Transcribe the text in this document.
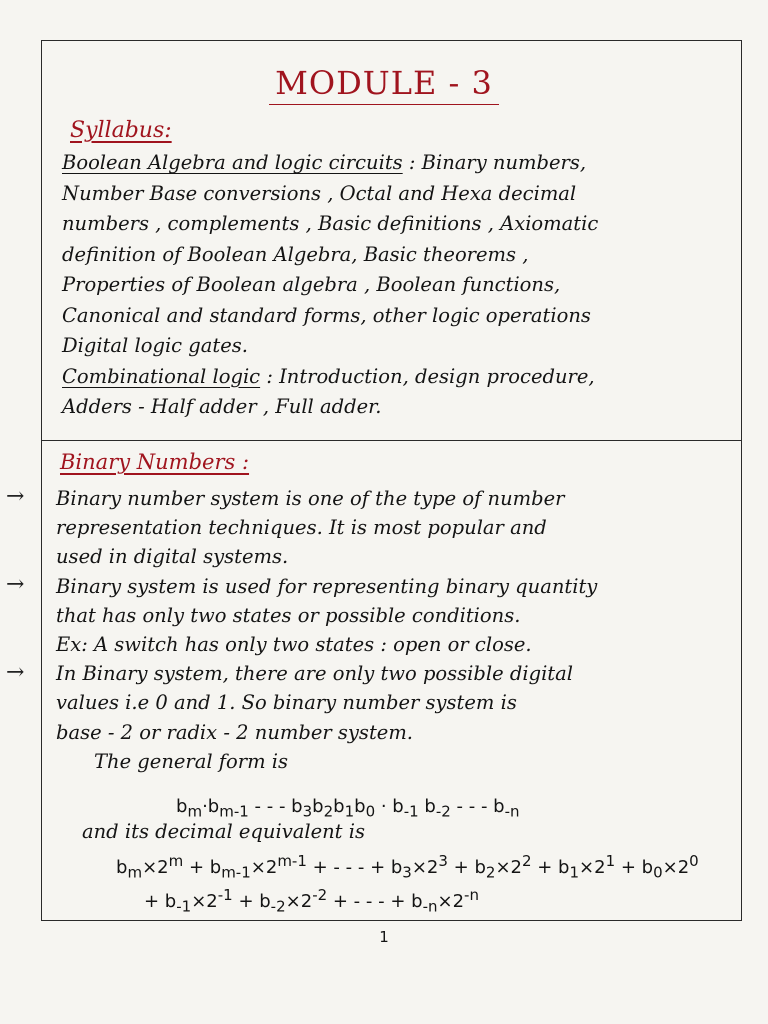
MODULE - 3
Syllabus:
Boolean Algebra and logic circuits : Binary numbers,
Number Base conversions , Octal and Hexa decimal
numbers , complements , Basic definitions , Axiomatic
definition of Boolean Algebra, Basic theorems ,
Properties of Boolean algebra , Boolean functions,
Canonical and standard forms, other logic operations
Digital logic gates.
Combinational logic : Introduction, design procedure,
Adders - Half adder , Full adder.
Binary Numbers :
→
→
→
Binary number system is one of the type of number
representation techniques. It is most popular and
used in digital systems.
Binary system is used for representing binary quantity
that has only two states or possible conditions.
Ex: A switch has only two states : open or close.
In Binary system, there are only two possible digital
values i.e 0 and 1. So binary number system is
base - 2 or radix - 2 number system.
The general form is
$b_m\cdot b_{m-1}$ - - - $b_3b_2b_1b_0 \cdot b_{-1}$ $b_{-2}$ - - - $b_{-n}$
and its decimal equivalent is
$b_m\times 2^m + b_{m-1}\times 2^{m-1}$ + - - - + $b_3\times 2^3 + b_2\times 2^2 + b_1\times 2^1 + b_0\times 2^0$
+ $b_{-1}\times 2^{-1} + b_{-2}\times 2^{-2}$ + - - - + $b_{-n}\times 2^{-n}$
1
